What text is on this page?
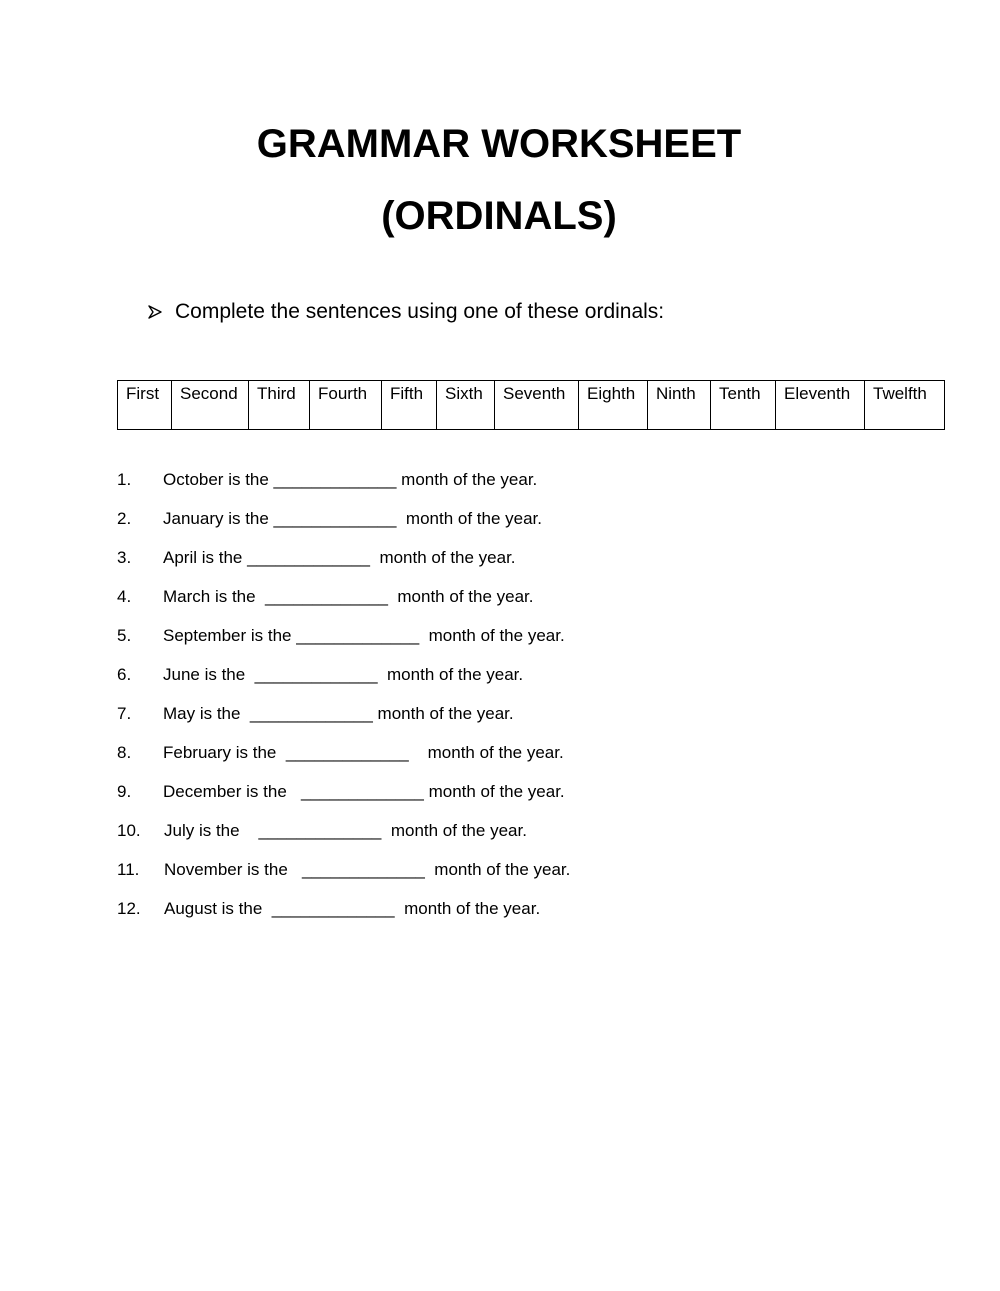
GRAMMAR WORKSHEET
(ORDINALS)
Complete the sentences using one of these ordinals:
First	Second	Third	Fourth	Fifth	Sixth	Seventh	Eighth	Ninth	Tenth	Eleventh	Twelfth

1.

October is the _____________ month of the year.

2.

January is the _____________  month of the year.

3.

April is the _____________  month of the year.

4.

March is the  _____________  month of the year.

5.

September is the _____________  month of the year.

6.

June is the  _____________  month of the year.

7.

May is the  _____________ month of the year.

8.

February is the  _____________    month of the year.

9.

December is the   _____________ month of the year.

10.

July is the    _____________  month of the year.

11.

November is the   _____________  month of the year.

12.

August is the  _____________  month of the year.
